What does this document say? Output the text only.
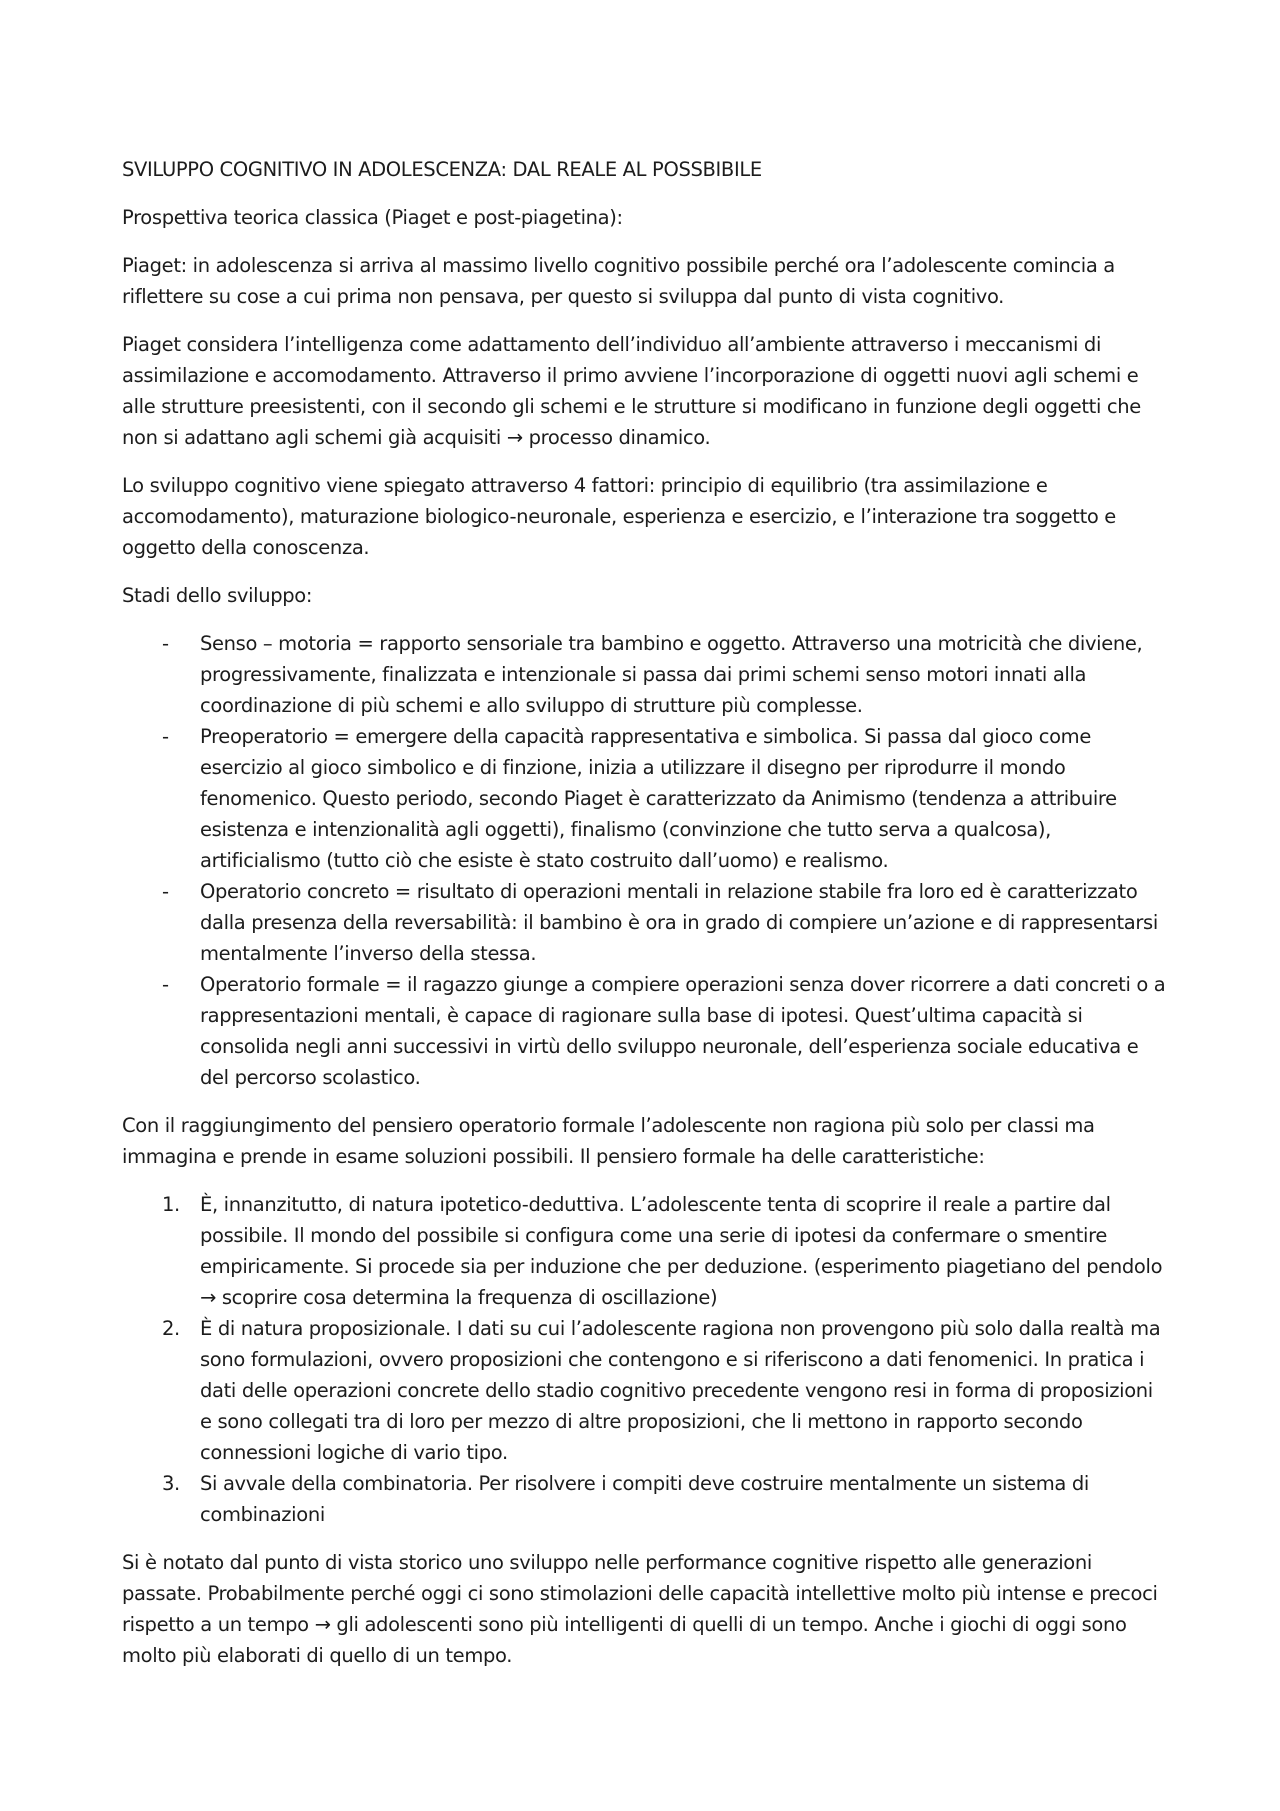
SVILUPPO COGNITIVO IN ADOLESCENZA: DAL REALE AL POSSBIBILE

Prospettiva teorica classica (Piaget e post-piagetina):

Piaget: in adolescenza si arriva al massimo livello cognitivo possibile perché ora l’adolescente comincia a riflettere su cose a cui prima non pensava, per questo si sviluppa dal punto di vista cognitivo.

Piaget considera l’intelligenza come adattamento dell’individuo all’ambiente attraverso i meccanismi di assimilazione e accomodamento. Attraverso il primo avviene l’incorporazione di oggetti nuovi agli schemi e alle strutture preesistenti, con il secondo gli schemi e le strutture si modificano in funzione degli oggetti che non si adattano agli schemi già acquisiti → processo dinamico.

Lo sviluppo cognitivo viene spiegato attraverso 4 fattori: principio di equilibrio (tra assimilazione e accomodamento), maturazione biologico-neuronale, esperienza e esercizio, e l’interazione tra soggetto e oggetto della conoscenza.

Stadi dello sviluppo:

- Senso – motoria = rapporto sensoriale tra bambino e oggetto. Attraverso una motricità che diviene, progressivamente, finalizzata e intenzionale si passa dai primi schemi senso motori innati alla coordinazione di più schemi e allo sviluppo di strutture più complesse.
- Preoperatorio = emergere della capacità rappresentativa e simbolica. Si passa dal gioco come esercizio al gioco simbolico e di finzione, inizia a utilizzare il disegno per riprodurre il mondo fenomenico. Questo periodo, secondo Piaget è caratterizzato da Animismo (tendenza a attribuire esistenza e intenzionalità agli oggetti), finalismo (convinzione che tutto serva a qualcosa), artificialismo (tutto ciò che esiste è stato costruito dall’uomo) e realismo.
- Operatorio concreto = risultato di operazioni mentali in relazione stabile fra loro ed è caratterizzato dalla presenza della reversabilità: il bambino è ora in grado di compiere un’azione e di rappresentarsi mentalmente l’inverso della stessa.
- Operatorio formale = il ragazzo giunge a compiere operazioni senza dover ricorrere a dati concreti o a rappresentazioni mentali, è capace di ragionare sulla base di ipotesi. Quest’ultima capacità si consolida negli anni successivi in virtù dello sviluppo neuronale, dell’esperienza sociale educativa e del percorso scolastico.

Con il raggiungimento del pensiero operatorio formale l’adolescente non ragiona più solo per classi ma immagina e prende in esame soluzioni possibili. Il pensiero formale ha delle caratteristiche:

1. È, innanzitutto, di natura ipotetico-deduttiva. L’adolescente tenta di scoprire il reale a partire dal possibile. Il mondo del possibile si configura come una serie di ipotesi da confermare o smentire empiricamente. Si procede sia per induzione che per deduzione. (esperimento piagetiano del pendolo → scoprire cosa determina la frequenza di oscillazione)
2. È di natura proposizionale. I dati su cui l’adolescente ragiona non provengono più solo dalla realtà ma sono formulazioni, ovvero proposizioni che contengono e si riferiscono a dati fenomenici. In pratica i dati delle operazioni concrete dello stadio cognitivo precedente vengono resi in forma di proposizioni e sono collegati tra di loro per mezzo di altre proposizioni, che li mettono in rapporto secondo connessioni logiche di vario tipo.
3. Si avvale della combinatoria. Per risolvere i compiti deve costruire mentalmente un sistema di combinazioni

Si è notato dal punto di vista storico uno sviluppo nelle performance cognitive rispetto alle generazioni passate. Probabilmente perché oggi ci sono stimolazioni delle capacità intellettive molto più intense e precoci rispetto a un tempo → gli adolescenti sono più intelligenti di quelli di un tempo. Anche i giochi di oggi sono molto più elaborati di quello di un tempo.
